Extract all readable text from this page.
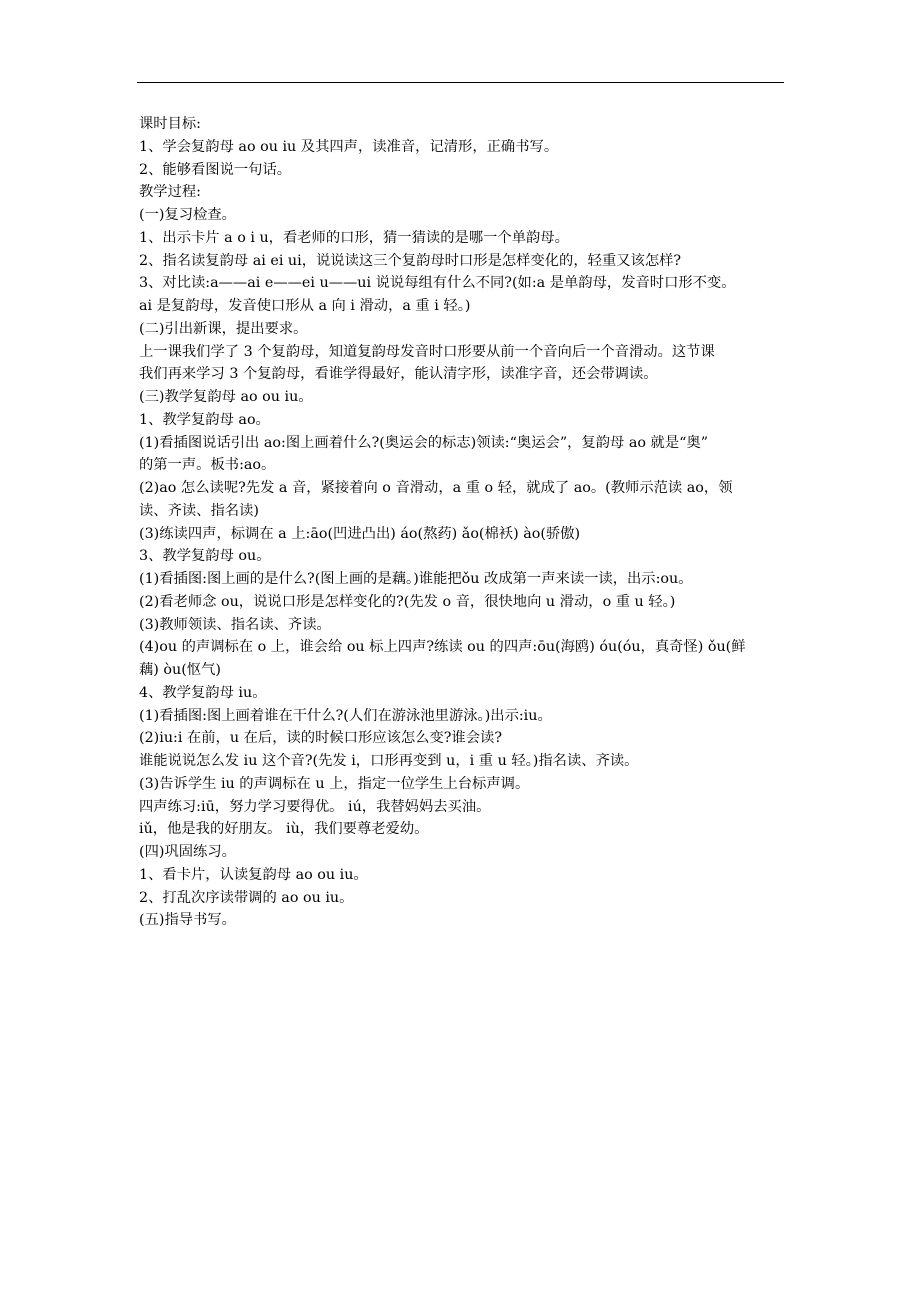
课时目标:
1、学会复韵母 ao ou iu 及其四声，读准音，记清形，正确书写。
2、能够看图说一句话。
教学过程:
(一)复习检查。
1、出示卡片 a o i u，看老师的口形，猜一猜读的是哪一个单韵母。
2、指名读复韵母 ai ei ui，说说读这三个复韵母时口形是怎样变化的，轻重又该怎样?
3、对比读:a——ai e——ei u——ui 说说每组有什么不同?(如:a 是单韵母，发音时口形不变。
ai 是复韵母，发音使口形从 a 向 i 滑动，a 重 i 轻。)
(二)引出新课，提出要求。
上一课我们学了 3 个复韵母，知道复韵母发音时口形要从前一个音向后一个音滑动。这节课
我们再来学习 3 个复韵母，看谁学得最好，能认清字形，读准字音，还会带调读。
(三)教学复韵母 ao ou iu。
1、教学复韵母 ao。
(1)看插图说话引出 ao:图上画着什么?(奥运会的标志)领读:“奥运会”，复韵母 ao 就是“奥”
的第一声。板书:ao。
(2)ao 怎么读呢?先发 a 音，紧接着向 o 音滑动，a 重 o 轻，就成了 ao。(教师示范读 ao，领
读、齐读、指名读)
(3)练读四声，标调在 a 上:āo(凹进凸出) áo(熬药) ǎo(棉袄) ào(骄傲)
3、教学复韵母 ou。
(1)看插图:图上画的是什么?(图上画的是藕。)谁能把ǒu 改成第一声来读一读，出示:ou。
(2)看老师念 ou，说说口形是怎样变化的?(先发 o 音，很快地向 u 滑动，o 重 u 轻。)
(3)教师领读、指名读、齐读。
(4)ou 的声调标在 o 上，谁会给 ou 标上四声?练读 ou 的四声:ōu(海鸥) óu(óu，真奇怪) ǒu(鲜
藕) òu(怄气)
4、教学复韵母 iu。
(1)看插图:图上画着谁在干什么?(人们在游泳池里游泳。)出示:iu。
(2)iu:i 在前，u 在后，读的时候口形应该怎么变?谁会读?
谁能说说怎么发 iu 这个音?(先发 i，口形再变到 u，i 重 u 轻。)指名读、齐读。
(3)告诉学生 iu 的声调标在 u 上，指定一位学生上台标声调。
四声练习:iū，努力学习要得优。 iú，我替妈妈去买油。
iǔ，他是我的好朋友。 iù，我们要尊老爱幼。
(四)巩固练习。
1、看卡片，认读复韵母 ao ou iu。
2、打乱次序读带调的 ao ou iu。
(五)指导书写。
